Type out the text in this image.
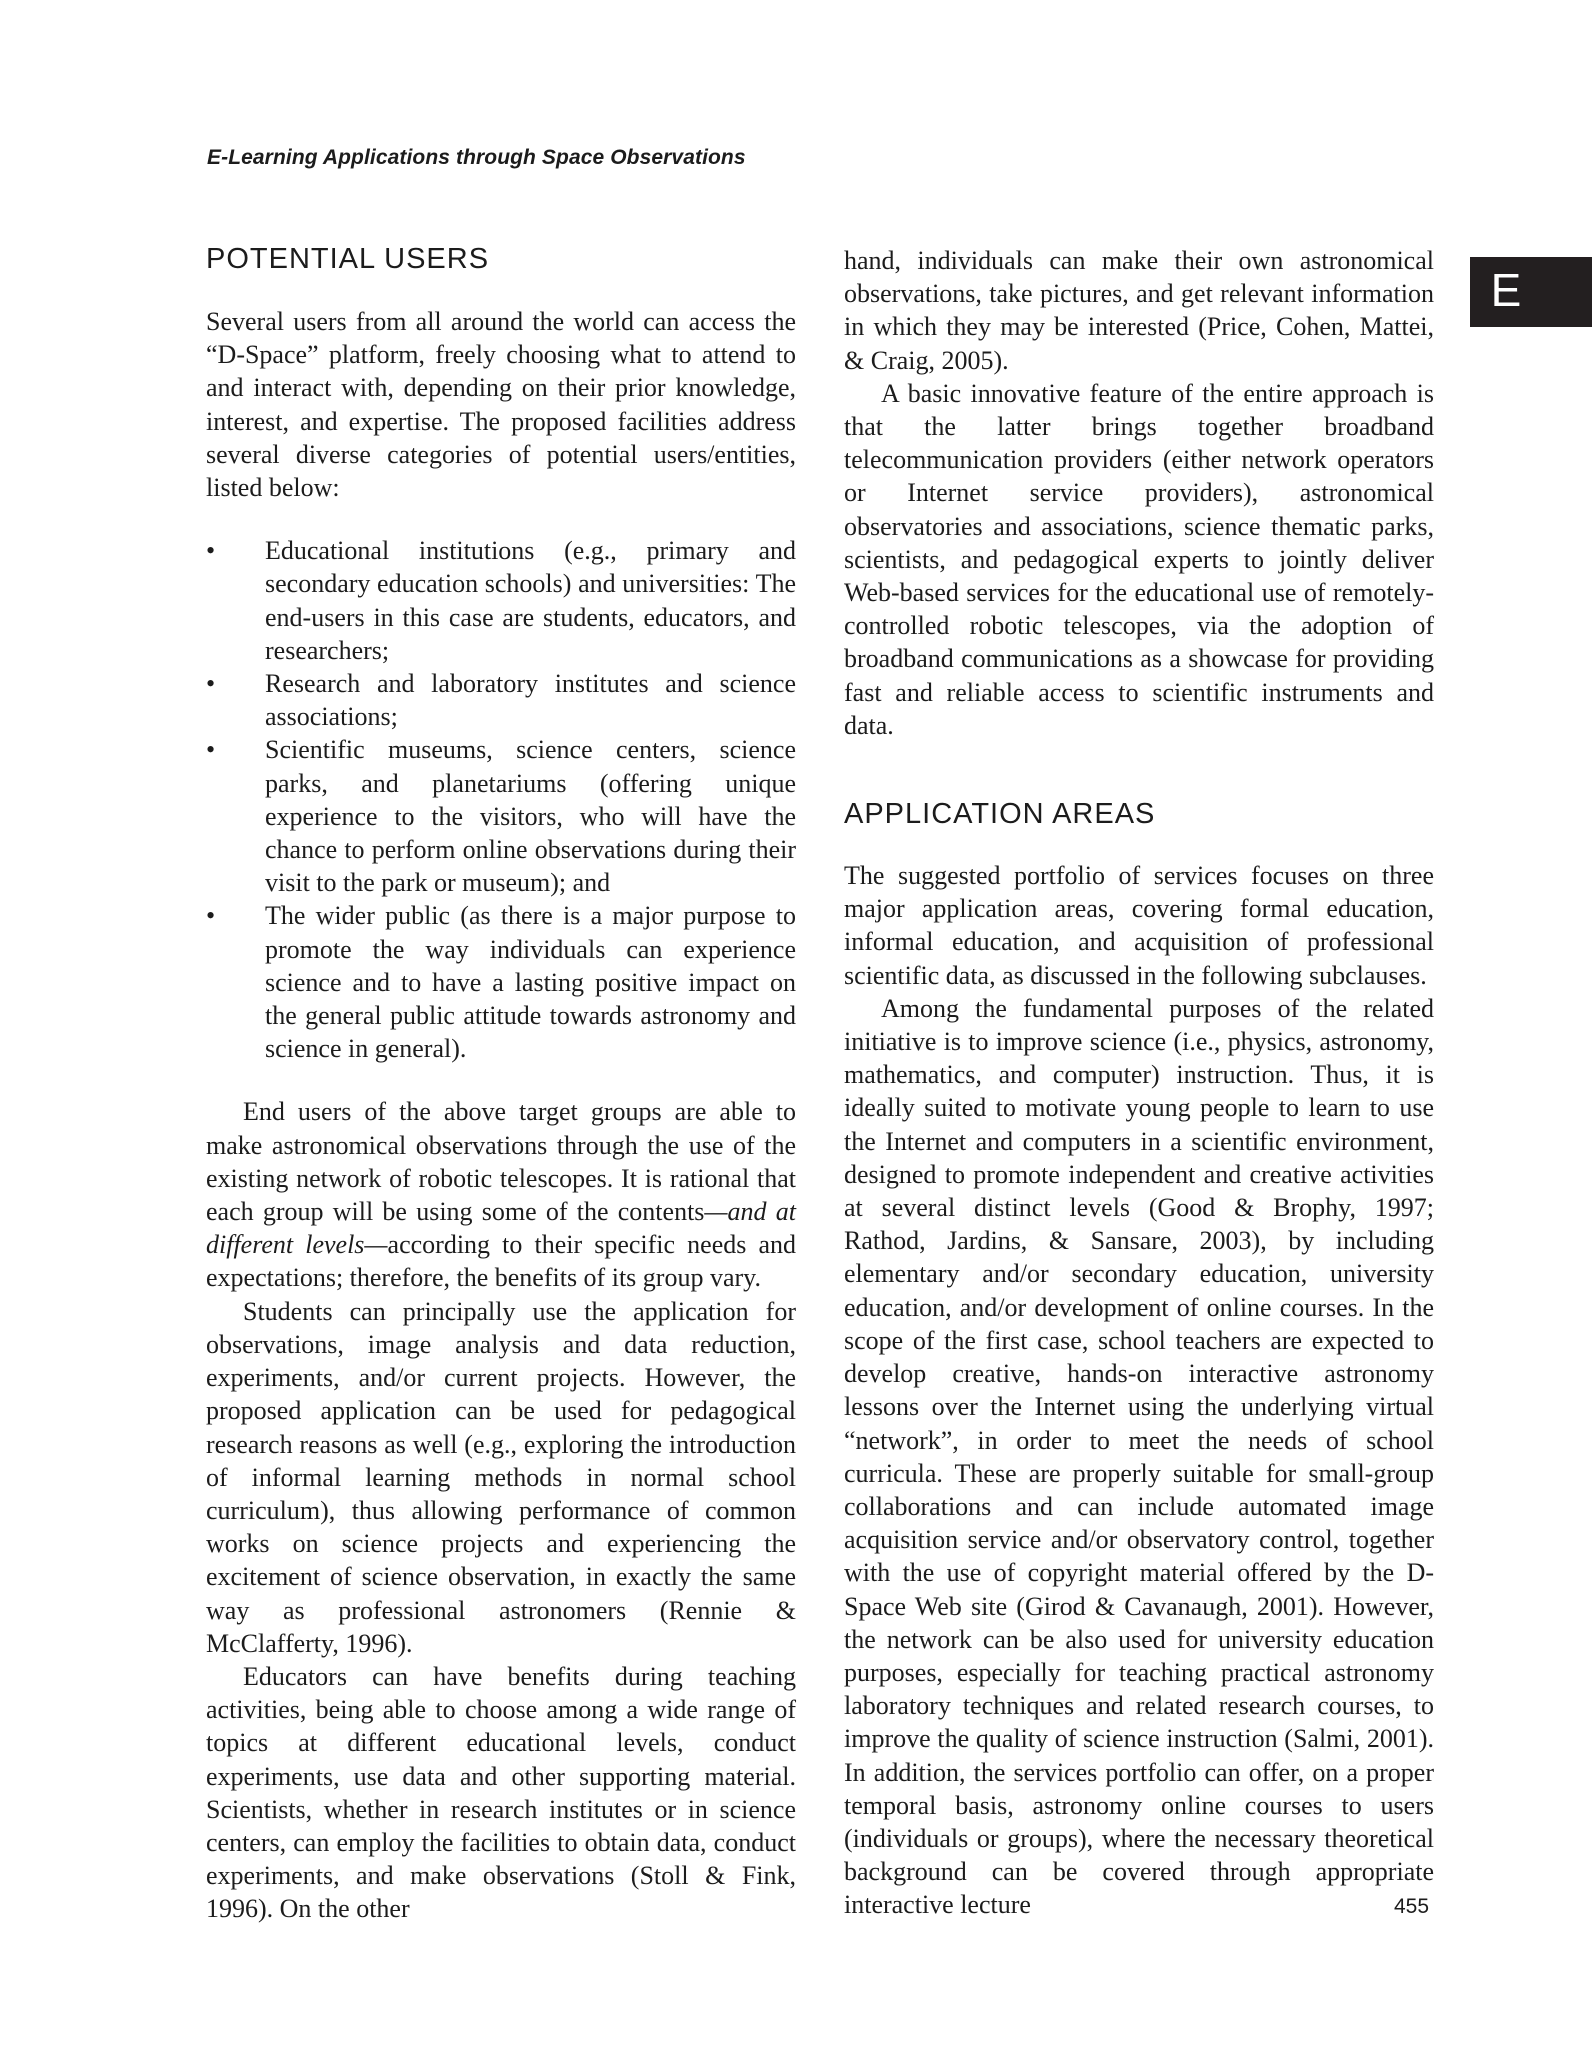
E-Learning Applications through Space Observations
E
POTENTIAL USERS

Several users from all around the world can access the “D-Space” platform, freely choosing what to attend to and interact with, depending on their prior knowledge, interest, and expertise. The proposed facilities address several diverse categories of potential users/entities, listed below:

• Educational institutions (e.g., primary and secondary education schools) and universities: The end-users in this case are students, educators, and researchers;
• Research and laboratory institutes and science associations;
• Scientific museums, science centers, science parks, and planetariums (offering unique experience to the visitors, who will have the chance to perform online observations during their visit to the park or museum); and
• The wider public (as there is a major purpose to promote the way individuals can experience science and to have a lasting positive impact on the general public attitude towards astronomy and science in general).

End users of the above target groups are able to make astronomical observations through the use of the existing network of robotic telescopes. It is rational that each group will be using some of the contents—and at different levels—according to their specific needs and expectations; therefore, the benefits of its group vary.

Students can principally use the application for observations, image analysis and data reduction, experiments, and/or current projects. However, the proposed application can be used for pedagogical research reasons as well (e.g., exploring the introduction of informal learning methods in normal school curriculum), thus allowing performance of common works on science projects and experiencing the excitement of science observation, in exactly the same way as professional astronomers (Rennie & McClafferty, 1996).

Educators can have benefits during teaching activities, being able to choose among a wide range of topics at different educational levels, conduct experiments, use data and other supporting material. Scientists, whether in research institutes or in science centers, can employ the facilities to obtain data, conduct experiments, and make observations (Stoll & Fink, 1996). On the other

hand, individuals can make their own astronomical observations, take pictures, and get relevant information in which they may be interested (Price, Cohen, Mattei, & Craig, 2005).

A basic innovative feature of the entire approach is that the latter brings together broadband telecommunication providers (either network operators or Internet service providers), astronomical observatories and associations, science thematic parks, scientists, and pedagogical experts to jointly deliver Web-based services for the educational use of remotely-controlled robotic telescopes, via the adoption of broadband communications as a showcase for providing fast and reliable access to scientific instruments and data.

APPLICATION AREAS

The suggested portfolio of services focuses on three major application areas, covering formal education, informal education, and acquisition of professional scientific data, as discussed in the following subclauses.

Among the fundamental purposes of the related initiative is to improve science (i.e., physics, astronomy, mathematics, and computer) instruction. Thus, it is ideally suited to motivate young people to learn to use the Internet and computers in a scientific environment, designed to promote independent and creative activities at several distinct levels (Good & Brophy, 1997; Rathod, Jardins, & Sansare, 2003), by including elementary and/or secondary education, university education, and/or development of online courses. In the scope of the first case, school teachers are expected to develop creative, hands-on interactive astronomy lessons over the Internet using the underlying virtual “network”, in order to meet the needs of school curricula. These are properly suitable for small-group collaborations and can include automated image acquisition service and/or observatory control, together with the use of copyright material offered by the D-Space Web site (Girod & Cavanaugh, 2001). However, the network can be also used for university education purposes, especially for teaching practical astronomy laboratory techniques and related research courses, to improve the quality of science instruction (Salmi, 2001). In addition, the services portfolio can offer, on a proper temporal basis, astronomy online courses to users (individuals or groups), where the necessary theoretical background can be covered through appropriate interactive lecture	455
